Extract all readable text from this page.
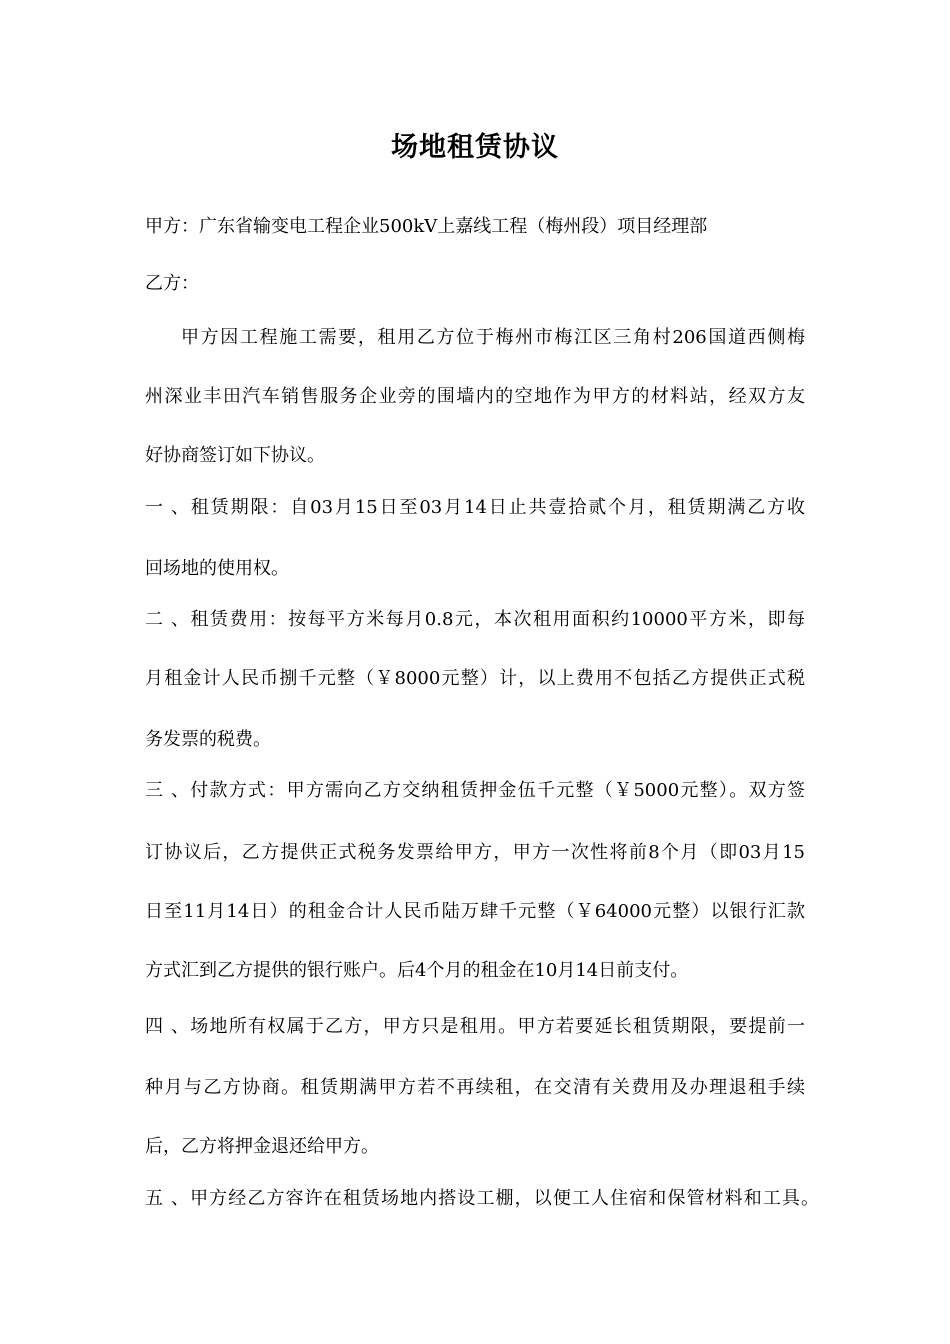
场地租赁协议

甲方：广东省输变电工程企业500kV上嘉线工程（梅州段）项目经理部

乙方：

甲方因工程施工需要，租用乙方位于梅州市梅江区三角村206国道西侧梅

州深业丰田汽车销售服务企业旁的围墙内的空地作为甲方的材料站，经双方友

好协商签订如下协议。

一、租赁期限：自03月15日至03月14日止共壹拾贰个月，租赁期满乙方收

回场地的使用权。

二、租赁费用：按每平方米每月0.8元，本次租用面积约10000平方米，即每

月租金计人民币捌千元整（￥8000元整）计，以上费用不包括乙方提供正式税

务发票的税费。

三、付款方式：甲方需向乙方交纳租赁押金伍千元整（￥5000元整）。双方签

订协议后，乙方提供正式税务发票给甲方，甲方一次性将前8个月（即03月15

日至11月14日）的租金合计人民币陆万肆千元整（￥64000元整）以银行汇款

方式汇到乙方提供的银行账户。后4个月的租金在10月14日前支付。

四、场地所有权属于乙方，甲方只是租用。甲方若要延长租赁期限，要提前一

种月与乙方协商。租赁期满甲方若不再续租，在交清有关费用及办理退租手续

后，乙方将押金退还给甲方。

五、甲方经乙方容许在租赁场地内搭设工棚，以便工人住宿和保管材料和工具。
